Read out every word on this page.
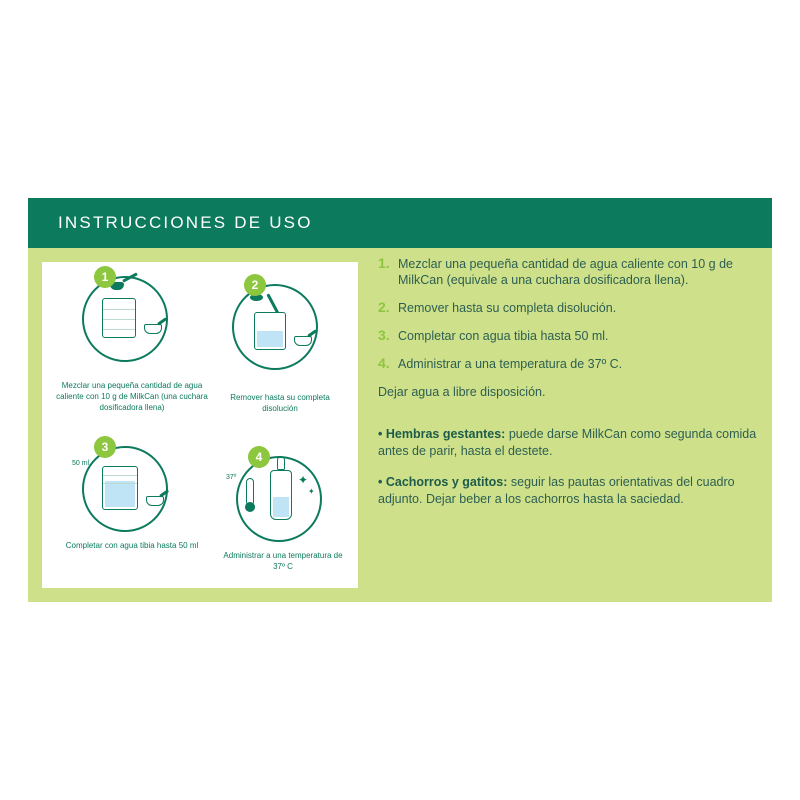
INSTRUCCIONES DE USO
1
Mezclar una pequeña cantidad de agua caliente con 10 g de MilkCan (una cuchara dosificadora llena)
2
Remover hasta su completa disolución
3
50 ml.
Completar con agua tibia hasta 50 ml
4
37º	✦
✦
Administrar a una temperatura de 37º C
1. Mezclar una pequeña cantidad de agua caliente con 10 g de MilkCan (equivale a una cuchara dosificadora llena).
2. Remover hasta su completa disolución.
3. Completar con agua tibia hasta 50 ml.
4. Administrar a una temperatura de 37º C.
Dejar agua a libre disposición.
• Hembras gestantes: puede darse MilkCan como segunda comida antes de parir, hasta el destete.
• Cachorros y gatitos: seguir las pautas orientativas del cuadro adjunto. Dejar beber a los cachorros hasta la saciedad.
